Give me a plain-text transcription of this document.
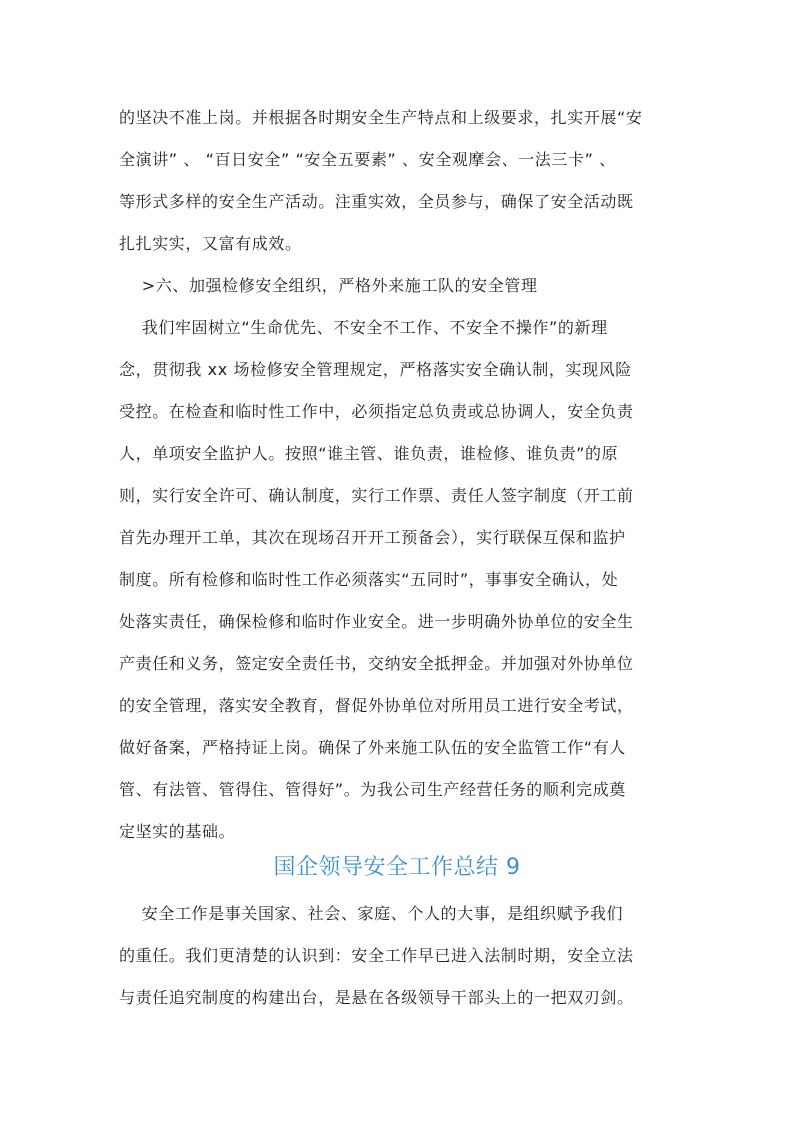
的坚决不准上岗。并根据各时期安全生产特点和上级要求，扎实开展“安
全演讲” 、 “百日安全” “安全五要素” 、安全观摩会、一法三卡” 、
等形式多样的安全生产活动。注重实效，全员参与，确保了安全活动既
扎扎实实，又富有成效。
>六、加强检修安全组织，严格外来施工队的安全管理
我们牢固树立“生命优先、不安全不工作、不安全不操作”的新理
念，贯彻我 xx 场检修安全管理规定，严格落实安全确认制，实现风险
受控。在检查和临时性工作中，必须指定总负责或总协调人，安全负责
人，单项安全监护人。按照“谁主管、谁负责，谁检修、谁负责”的原
则，实行安全许可、确认制度，实行工作票、责任人签字制度（开工前
首先办理开工单，其次在现场召开开工预备会），实行联保互保和监护
制度。所有检修和临时性工作必须落实“五同时”，事事安全确认，处
处落实责任，确保检修和临时作业安全。进一步明确外协单位的安全生
产责任和义务，签定安全责任书，交纳安全抵押金。并加强对外协单位
的安全管理，落实安全教育，督促外协单位对所用员工进行安全考试，
做好备案，严格持证上岗。确保了外来施工队伍的安全监管工作“有人
管、有法管、管得住、管得好”。为我公司生产经营任务的顺利完成奠
定坚实的基础。
国企领导安全工作总结 9
安全工作是事关国家、社会、家庭、个人的大事，是组织赋予我们
的重任。我们更清楚的认识到：安全工作早已进入法制时期，安全立法
与责任追究制度的构建出台，是悬在各级领导干部头上的一把双刃剑。
